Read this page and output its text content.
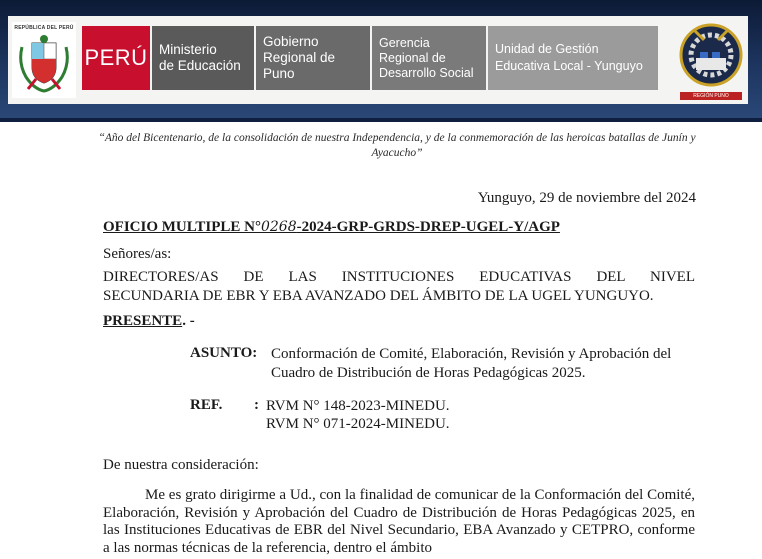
REPÚBLICA DEL PERÚ
PERÚ Ministerio
de Educación
Gobierno
Regional de Puno
Gerencia
Regional de
Desarrollo Social
Unidad de Gestión
Educativa Local - Yunguyo
REGIÓN PUNO
“Año del Bicentenario, de la consolidación de nuestra Independencia, y de la conmemoración de las heroicas batallas de Junín y Ayacucho”
Yunguyo, 29 de noviembre del 2024
OFICIO MULTIPLE N°0268-2024-GRP-GRDS-DREP-UGEL-Y/AGP
Señores/as:
DIRECTORES/AS DE LAS INSTITUCIONES EDUCATIVAS DEL NIVEL
SECUNDARIA DE EBR Y EBA AVANZADO DEL ÁMBITO DE LA UGEL YUNGUYO.
PRESENTE. -
ASUNTO: Conformación de Comité, Elaboración, Revisión y Aprobación del Cuadro de Distribución de Horas Pedagógicas 2025.
REF. : RVM N° 148-2023-MINEDU.
RVM N° 071-2024-MINEDU.
De nuestra consideración:
Me es grato dirigirme a Ud., con la finalidad de comunicar de la Conformación del Comité, Elaboración, Revisión y Aprobación del Cuadro de Distribución de Horas Pedagógicas 2025, en las Instituciones Educativas de EBR del Nivel Secundario, EBA Avanzado y CETPRO, conforme a las normas técnicas de la referencia, dentro el ámbito
